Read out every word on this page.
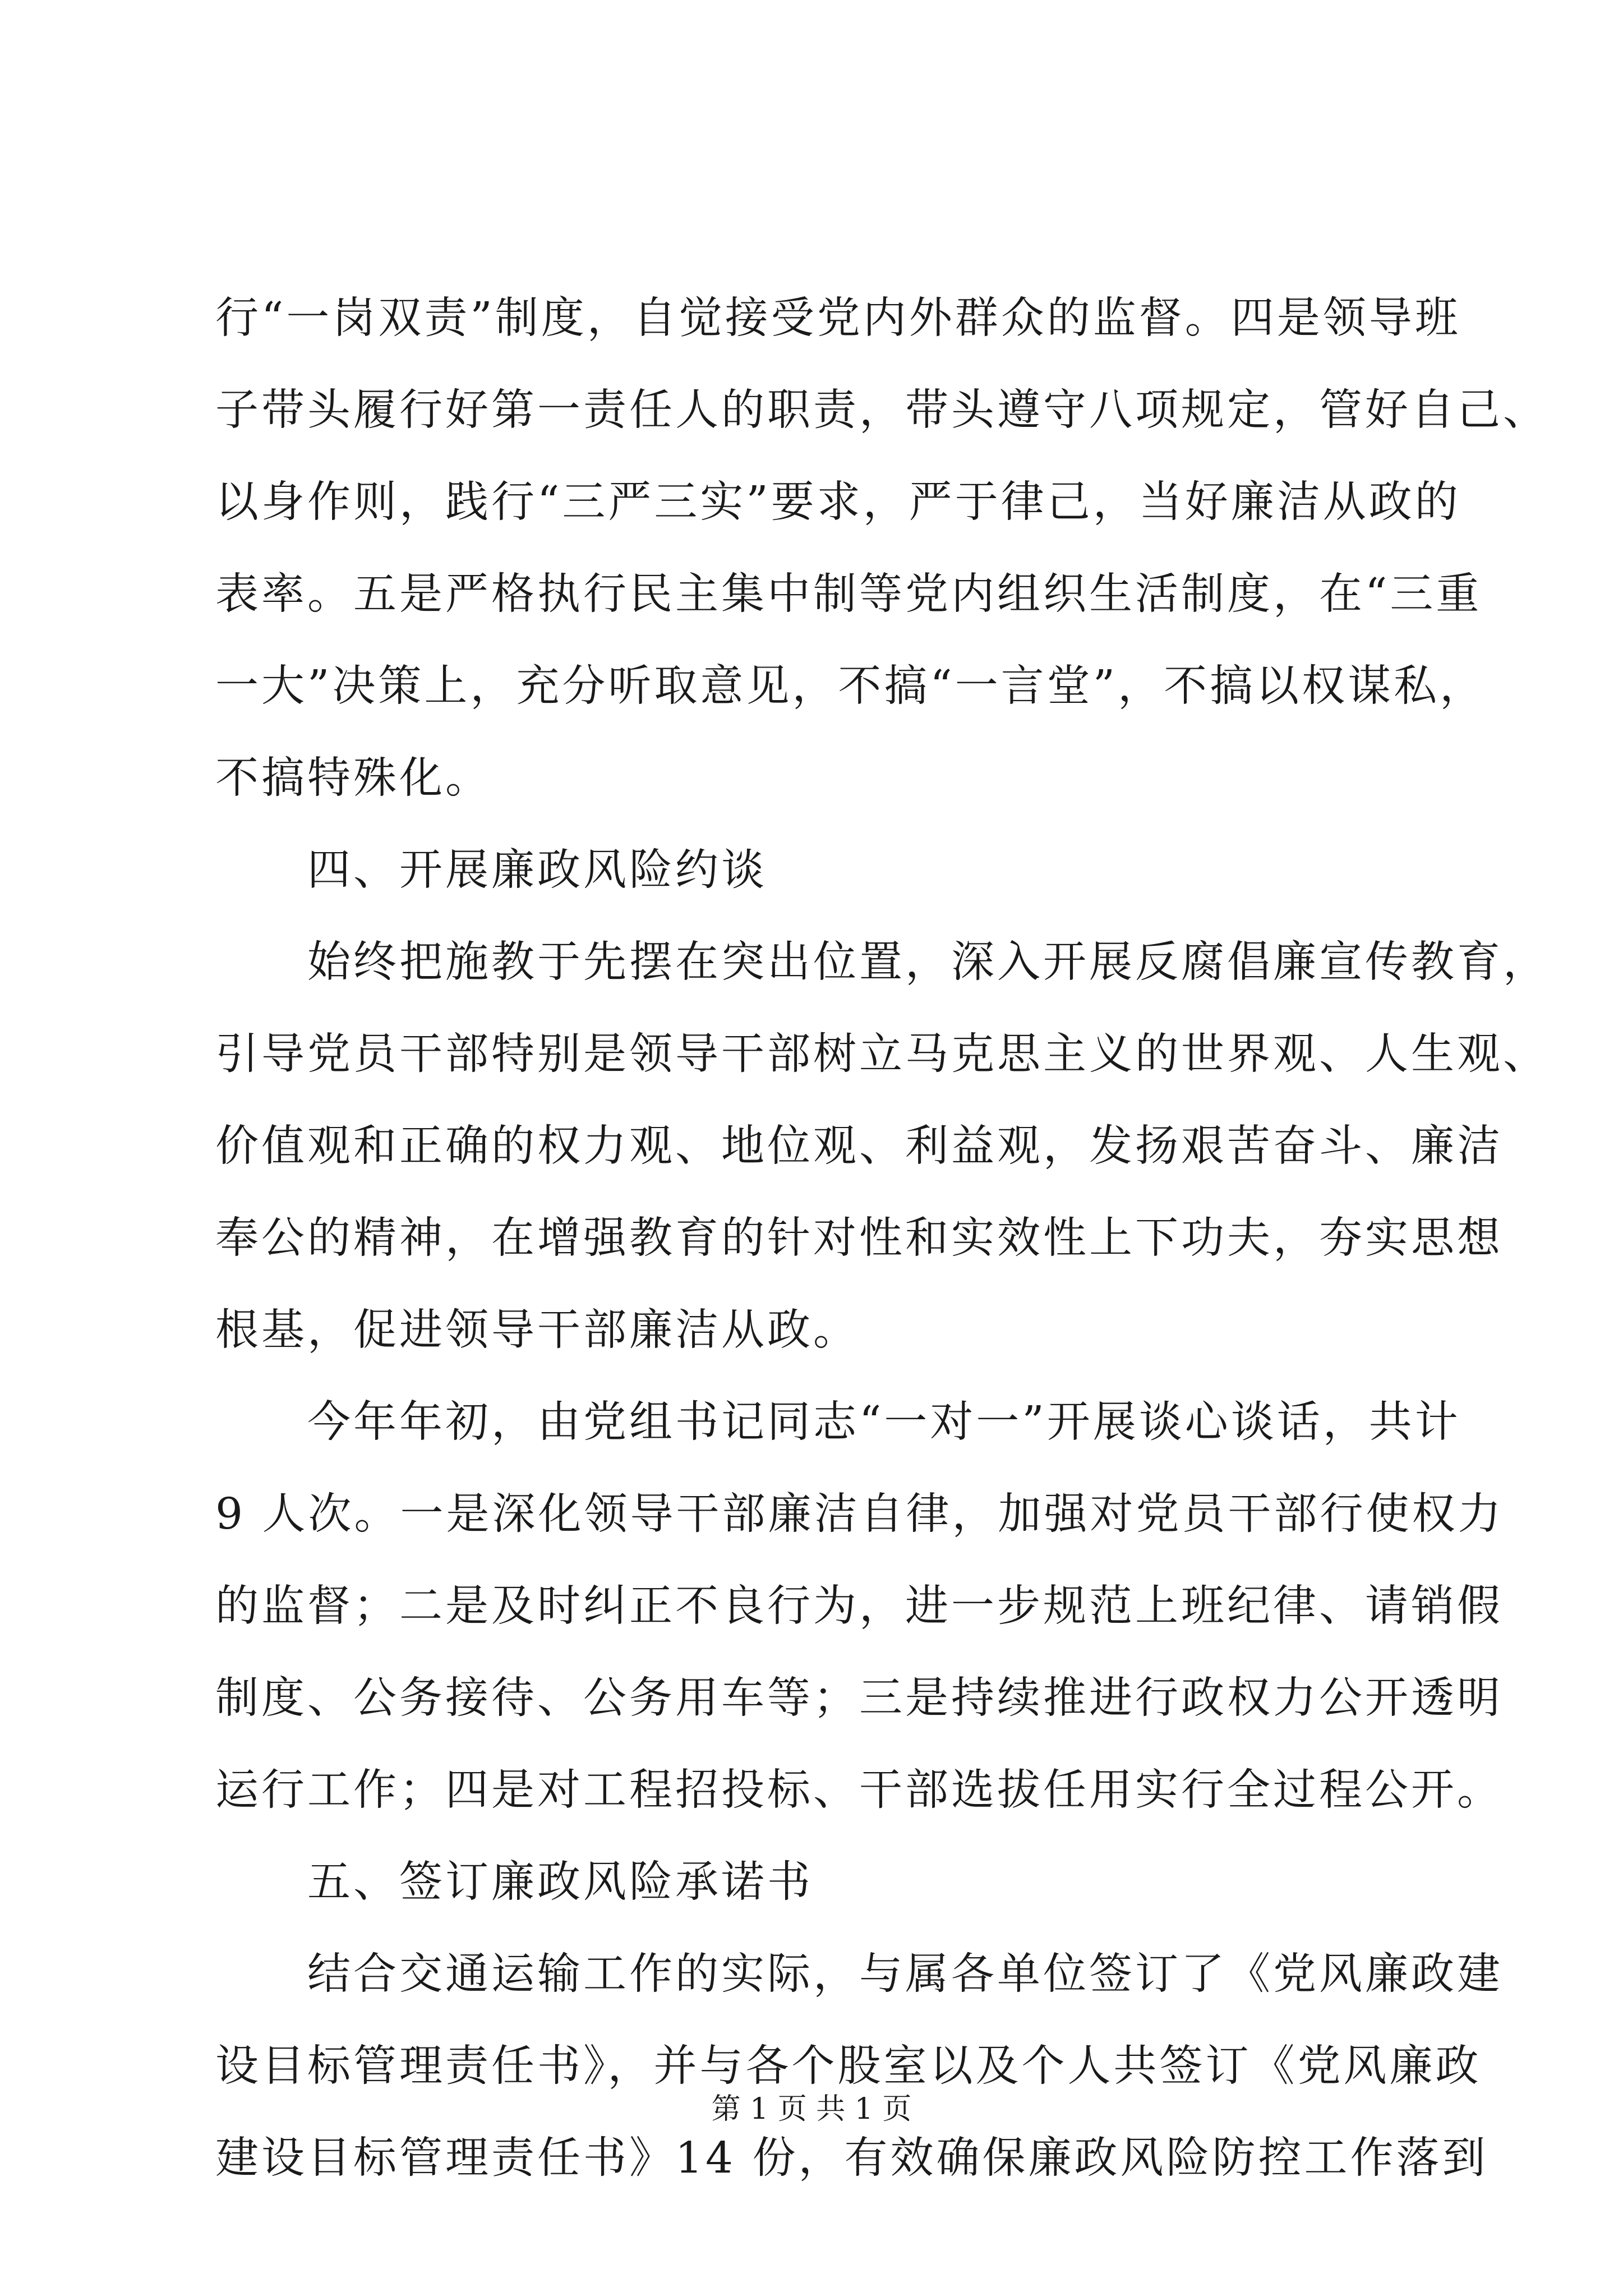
行“一岗双责”制度，自觉接受党内外群众的监督。四是领导班
子带头履行好第一责任人的职责，带头遵守八项规定，管好自己、
以身作则，践行“三严三实”要求，严于律己，当好廉洁从政的
表率。五是严格执行民主集中制等党内组织生活制度，在“三重
一大”决策上，充分听取意见，不搞“一言堂”，不搞以权谋私，
不搞特殊化。
四、开展廉政风险约谈
始终把施教于先摆在突出位置，深入开展反腐倡廉宣传教育，
引导党员干部特别是领导干部树立马克思主义的世界观、人生观、
价值观和正确的权力观、地位观、利益观，发扬艰苦奋斗、廉洁
奉公的精神，在增强教育的针对性和实效性上下功夫，夯实思想
根基，促进领导干部廉洁从政。
今年年初，由党组书记同志“一对一”开展谈心谈话，共计
9 人次。一是深化领导干部廉洁自律，加强对党员干部行使权力
的监督；二是及时纠正不良行为，进一步规范上班纪律、请销假
制度、公务接待、公务用车等；三是持续推进行政权力公开透明
运行工作；四是对工程招投标、干部选拔任用实行全过程公开。
五、签订廉政风险承诺书
结合交通运输工作的实际，与属各单位签订了《党风廉政建
设目标管理责任书》，并与各个股室以及个人共签订《党风廉政
建设目标管理责任书》14 份，有效确保廉政风险防控工作落到
第 1 页 共 1 页
